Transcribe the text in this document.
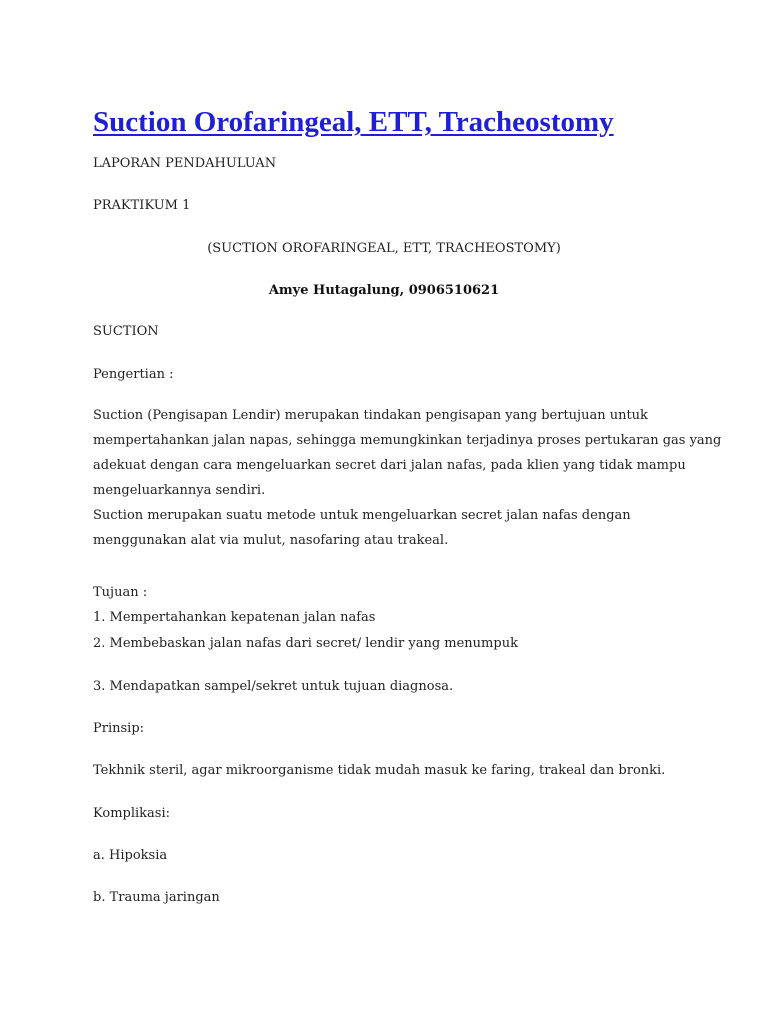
Suction Orofaringeal, ETT, Tracheostomy

LAPORAN PENDAHULUAN

PRAKTIKUM 1

(SUCTION OROFARINGEAL, ETT, TRACHEOSTOMY)

Amye Hutagalung, 0906510621

SUCTION

Pengertian :

Suction (Pengisapan Lendir) merupakan tindakan pengisapan yang bertujuan untuk
mempertahankan jalan napas, sehingga memungkinkan terjadinya proses pertukaran gas yang
adekuat dengan cara mengeluarkan secret dari jalan nafas, pada klien yang tidak mampu
mengeluarkannya sendiri.
Suction merupakan suatu metode untuk mengeluarkan secret jalan nafas dengan
menggunakan alat via mulut, nasofaring atau trakeal.

Tujuan :

1. Mempertahankan kepatenan jalan nafas

2. Membebaskan jalan nafas dari secret/ lendir yang menumpuk

3. Mendapatkan sampel/sekret untuk tujuan diagnosa.

Prinsip:

Tekhnik steril, agar mikroorganisme tidak mudah masuk ke faring, trakeal dan bronki.

Komplikasi:

a. Hipoksia

b. Trauma jaringan
